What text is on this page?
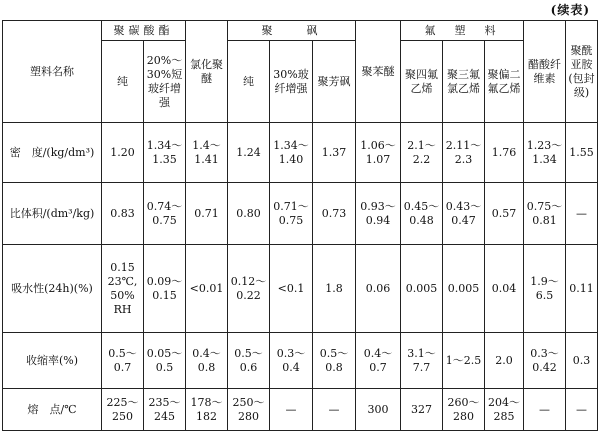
(续表)
塑料名称	聚碳酸酯		氯化聚醚	聚　　砜			聚苯醚	氟　塑　料			醋酸纤维素	聚酰亚胺(包封级)
	纯	20%～30%短玻纤增强		纯	30%玻纤增强	聚芳砜		聚四氟乙烯	聚三氟氯乙烯	聚偏二氟乙烯		
密　度/(kg/dm³)	1.20	1.34～1.35	1.4～1.41	1.24	1.34～1.40	1.37	1.06～1.07	2.1～2.2	2.11～2.3	1.76	1.23～1.34	1.55
比体积/(dm³/kg)	0.83	0.74～0.75	0.71	0.80	0.71～0.75	0.73	0.93～0.94	0.45～0.48	0.43～0.47	0.57	0.75～0.81	—
吸水性(24h)(%)	0.15 23℃, 50% RH	0.09～0.15	<0.01	0.12～0.22	<0.1	1.8	0.06	0.005	0.005	0.04	1.9～6.5	0.11
收缩率(%)	0.5～0.7	0.05～0.5	0.4～0.8	0.5～0.6	0.3～0.4	0.5～0.8	0.4～0.7	3.1～7.7	1～2.5	2.0	0.3～0.42	0.3
熔　点/℃	225～250	235～245	178～182	250～280	—	—	300	327	260～280	204～285	—	—
